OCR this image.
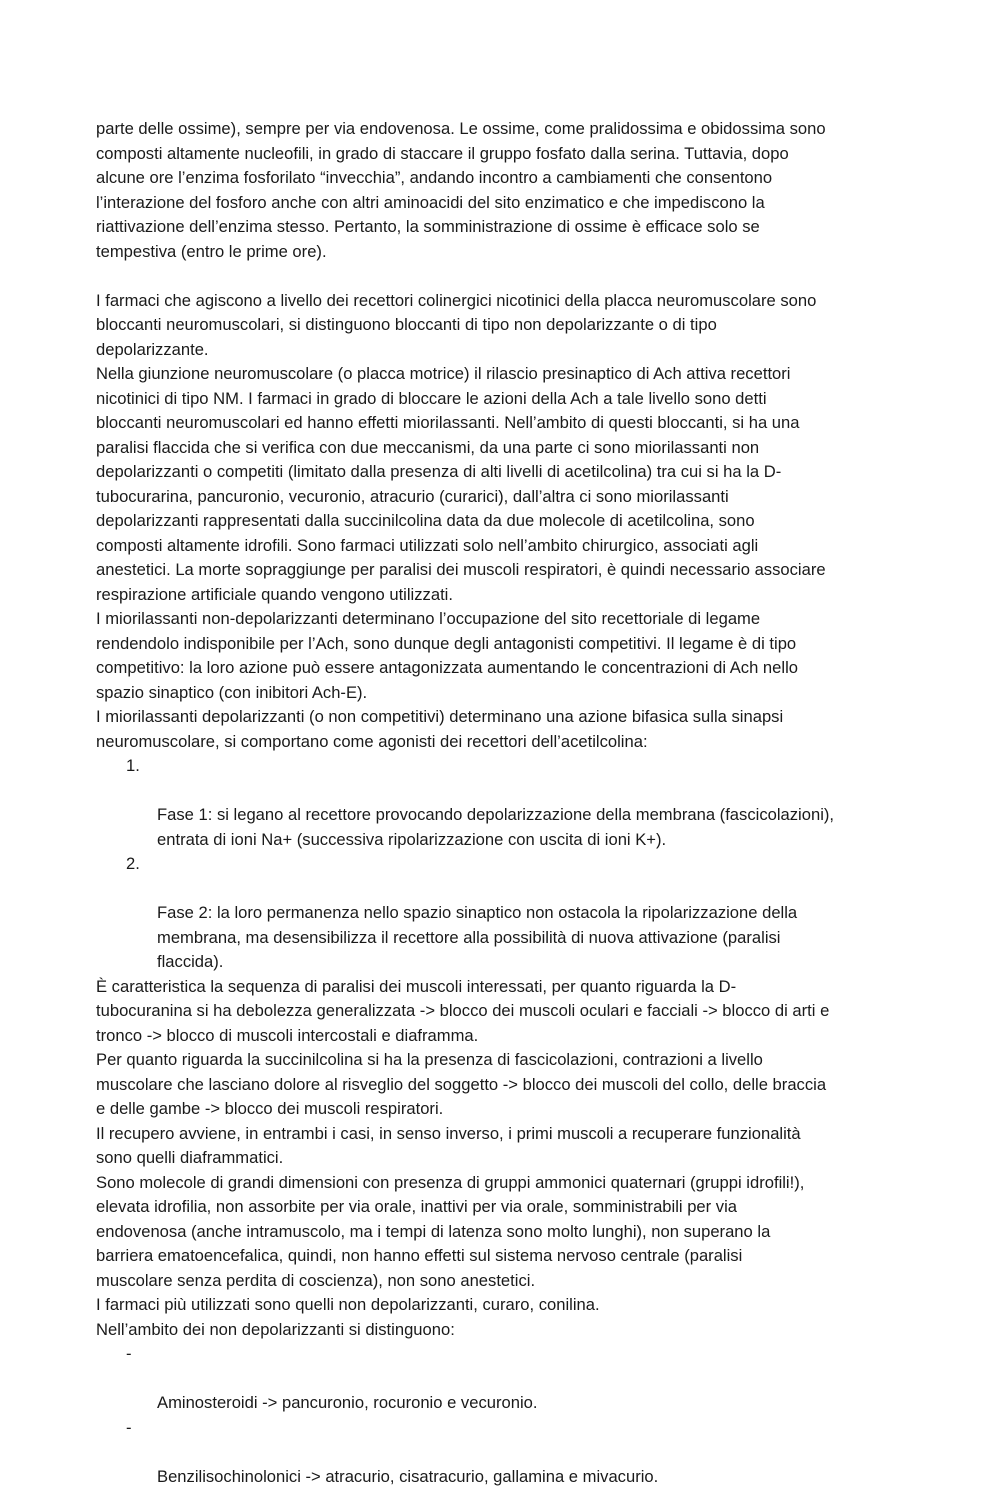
parte delle ossime), sempre per via endovenosa. Le ossime, come pralidossima e obidossima sono
composti altamente nucleofili, in grado di staccare il gruppo fosfato dalla serina. Tuttavia, dopo
alcune ore l’enzima fosforilato “invecchia”, andando incontro a cambiamenti che consentono
l’interazione del fosforo anche con altri aminoacidi del sito enzimatico e che impediscono la
riattivazione dell’enzima stesso. Pertanto, la somministrazione di ossime è efficace solo se
tempestiva (entro le prime ore).

I farmaci che agiscono a livello dei recettori colinergici nicotinici della placca neuromuscolare sono
bloccanti neuromuscolari, si distinguono bloccanti di tipo non depolarizzante o di tipo
depolarizzante.

Nella giunzione neuromuscolare (o placca motrice) il rilascio presinaptico di Ach attiva recettori
nicotinici di tipo NM. I farmaci in grado di bloccare le azioni della Ach a tale livello sono detti
bloccanti neuromuscolari ed hanno effetti miorilassanti. Nell’ambito di questi bloccanti, si ha una
paralisi flaccida che si verifica con due meccanismi, da una parte ci sono miorilassanti non
depolarizzanti o competiti (limitato dalla presenza di alti livelli di acetilcolina) tra cui si ha la D-
tubocurarina, pancuronio, vecuronio, atracurio (curarici), dall’altra ci sono miorilassanti
depolarizzanti rappresentati dalla succinilcolina data da due molecole di acetilcolina, sono
composti altamente idrofili. Sono farmaci utilizzati solo nell’ambito chirurgico, associati agli
anestetici. La morte sopraggiunge per paralisi dei muscoli respiratori, è quindi necessario associare
respirazione artificiale quando vengono utilizzati.

I miorilassanti non-depolarizzanti determinano l’occupazione del sito recettoriale di legame
rendendolo indisponibile per l’Ach, sono dunque degli antagonisti competitivi. Il legame è di tipo
competitivo: la loro azione può essere antagonizzata aumentando le concentrazioni di Ach nello
spazio sinaptico (con inibitori Ach-E).

I miorilassanti depolarizzanti (o non competitivi) determinano una azione bifasica sulla sinapsi
neuromuscolare, si comportano come agonisti dei recettori dell’acetilcolina:

1.

Fase 1: si legano al recettore provocando depolarizzazione della membrana (fascicolazioni),
entrata di ioni Na+ (successiva ripolarizzazione con uscita di ioni K+).

2.

Fase 2: la loro permanenza nello spazio sinaptico non ostacola la ripolarizzazione della
membrana, ma desensibilizza il recettore alla possibilità di nuova attivazione (paralisi
flaccida).

È caratteristica la sequenza di paralisi dei muscoli interessati, per quanto riguarda la D-
tubocuranina si ha debolezza generalizzata -> blocco dei muscoli oculari e facciali -> blocco di arti e
tronco -> blocco di muscoli intercostali e diaframma.

Per quanto riguarda la succinilcolina si ha la presenza di fascicolazioni, contrazioni a livello
muscolare che lasciano dolore al risveglio del soggetto -> blocco dei muscoli del collo, delle braccia
e delle gambe -> blocco dei muscoli respiratori.

Il recupero avviene, in entrambi i casi, in senso inverso, i primi muscoli a recuperare funzionalità
sono quelli diaframmatici.

Sono molecole di grandi dimensioni con presenza di gruppi ammonici quaternari (gruppi idrofili!),
elevata idrofilia, non assorbite per via orale, inattivi per via orale, somministrabili per via
endovenosa (anche intramuscolo, ma i tempi di latenza sono molto lunghi), non superano la
barriera ematoencefalica, quindi, non hanno effetti sul sistema nervoso centrale (paralisi
muscolare senza perdita di coscienza), non sono anestetici.

I farmaci più utilizzati sono quelli non depolarizzanti, curaro, conilina.

Nell’ambito dei non depolarizzanti si distinguono:

-

Aminosteroidi -> pancuronio, rocuronio e vecuronio.

-

Benzilisochinolonici -> atracurio, cisatracurio, gallamina e mivacurio.
